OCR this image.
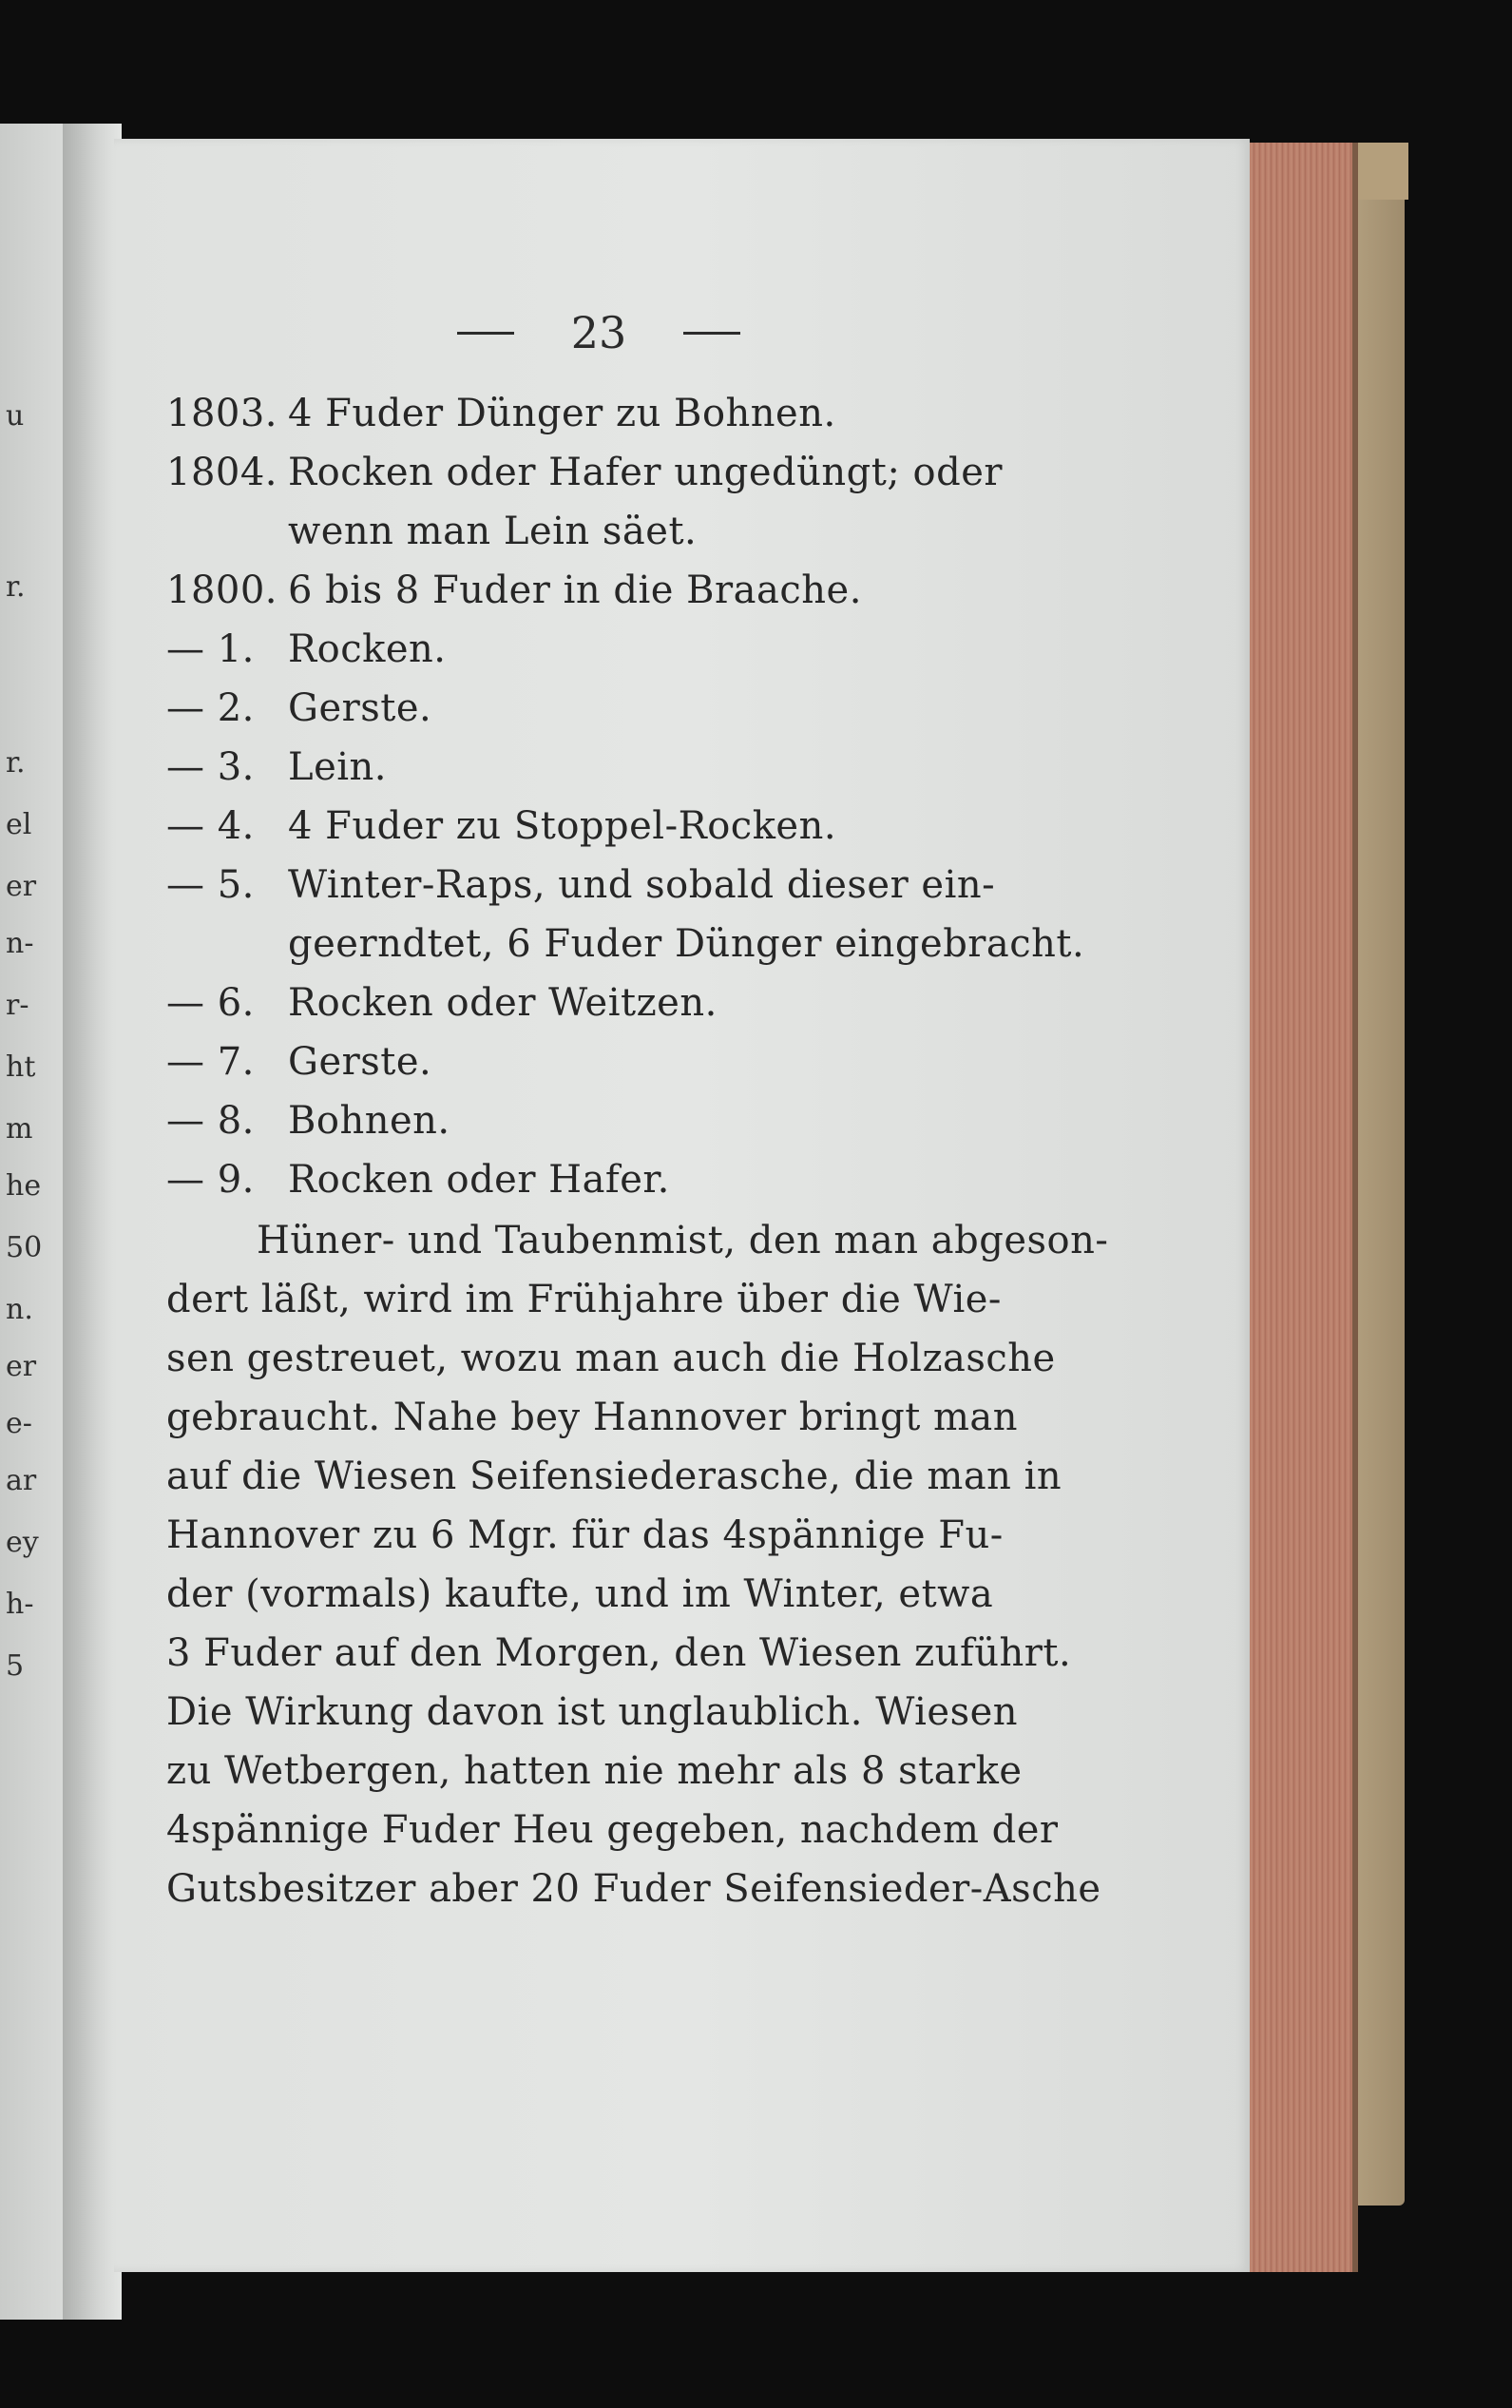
u
r.
r.
el
er
n-
r-
ht
m
he
50
n.
er
e-
ar
ey
h-
5
23
1803. 4 Fuder Dünger zu Bohnen.
1804. Rocken oder Hafer ungedüngt; oder
wenn man Lein säet.
1800. 6 bis 8 Fuder in die Braache.
— 1. Rocken.
— 2. Gerste.
— 3. Lein.
— 4. 4 Fuder zu Stoppel-Rocken.
— 5. Winter-Raps, und sobald dieser ein-
geerndtet, 6 Fuder Dünger eingebracht.
— 6. Rocken oder Weitzen.
— 7. Gerste.
— 8. Bohnen.
— 9. Rocken oder Hafer.
Hüner- und Taubenmist, den man abgeson-
dert läßt, wird im Frühjahre über die Wie-
sen gestreuet, wozu man auch die Holzasche
gebraucht. Nahe bey Hannover bringt man
auf die Wiesen Seifensiederasche, die man in
Hannover zu 6 Mgr. für das 4spännige Fu-
der (vormals) kaufte, und im Winter, etwa
3 Fuder auf den Morgen, den Wiesen zuführt.
Die Wirkung davon ist unglaublich. Wiesen
zu Wetbergen, hatten nie mehr als 8 starke
4spännige Fuder Heu gegeben, nachdem der
Gutsbesitzer aber 20 Fuder Seifensieder-Asche
